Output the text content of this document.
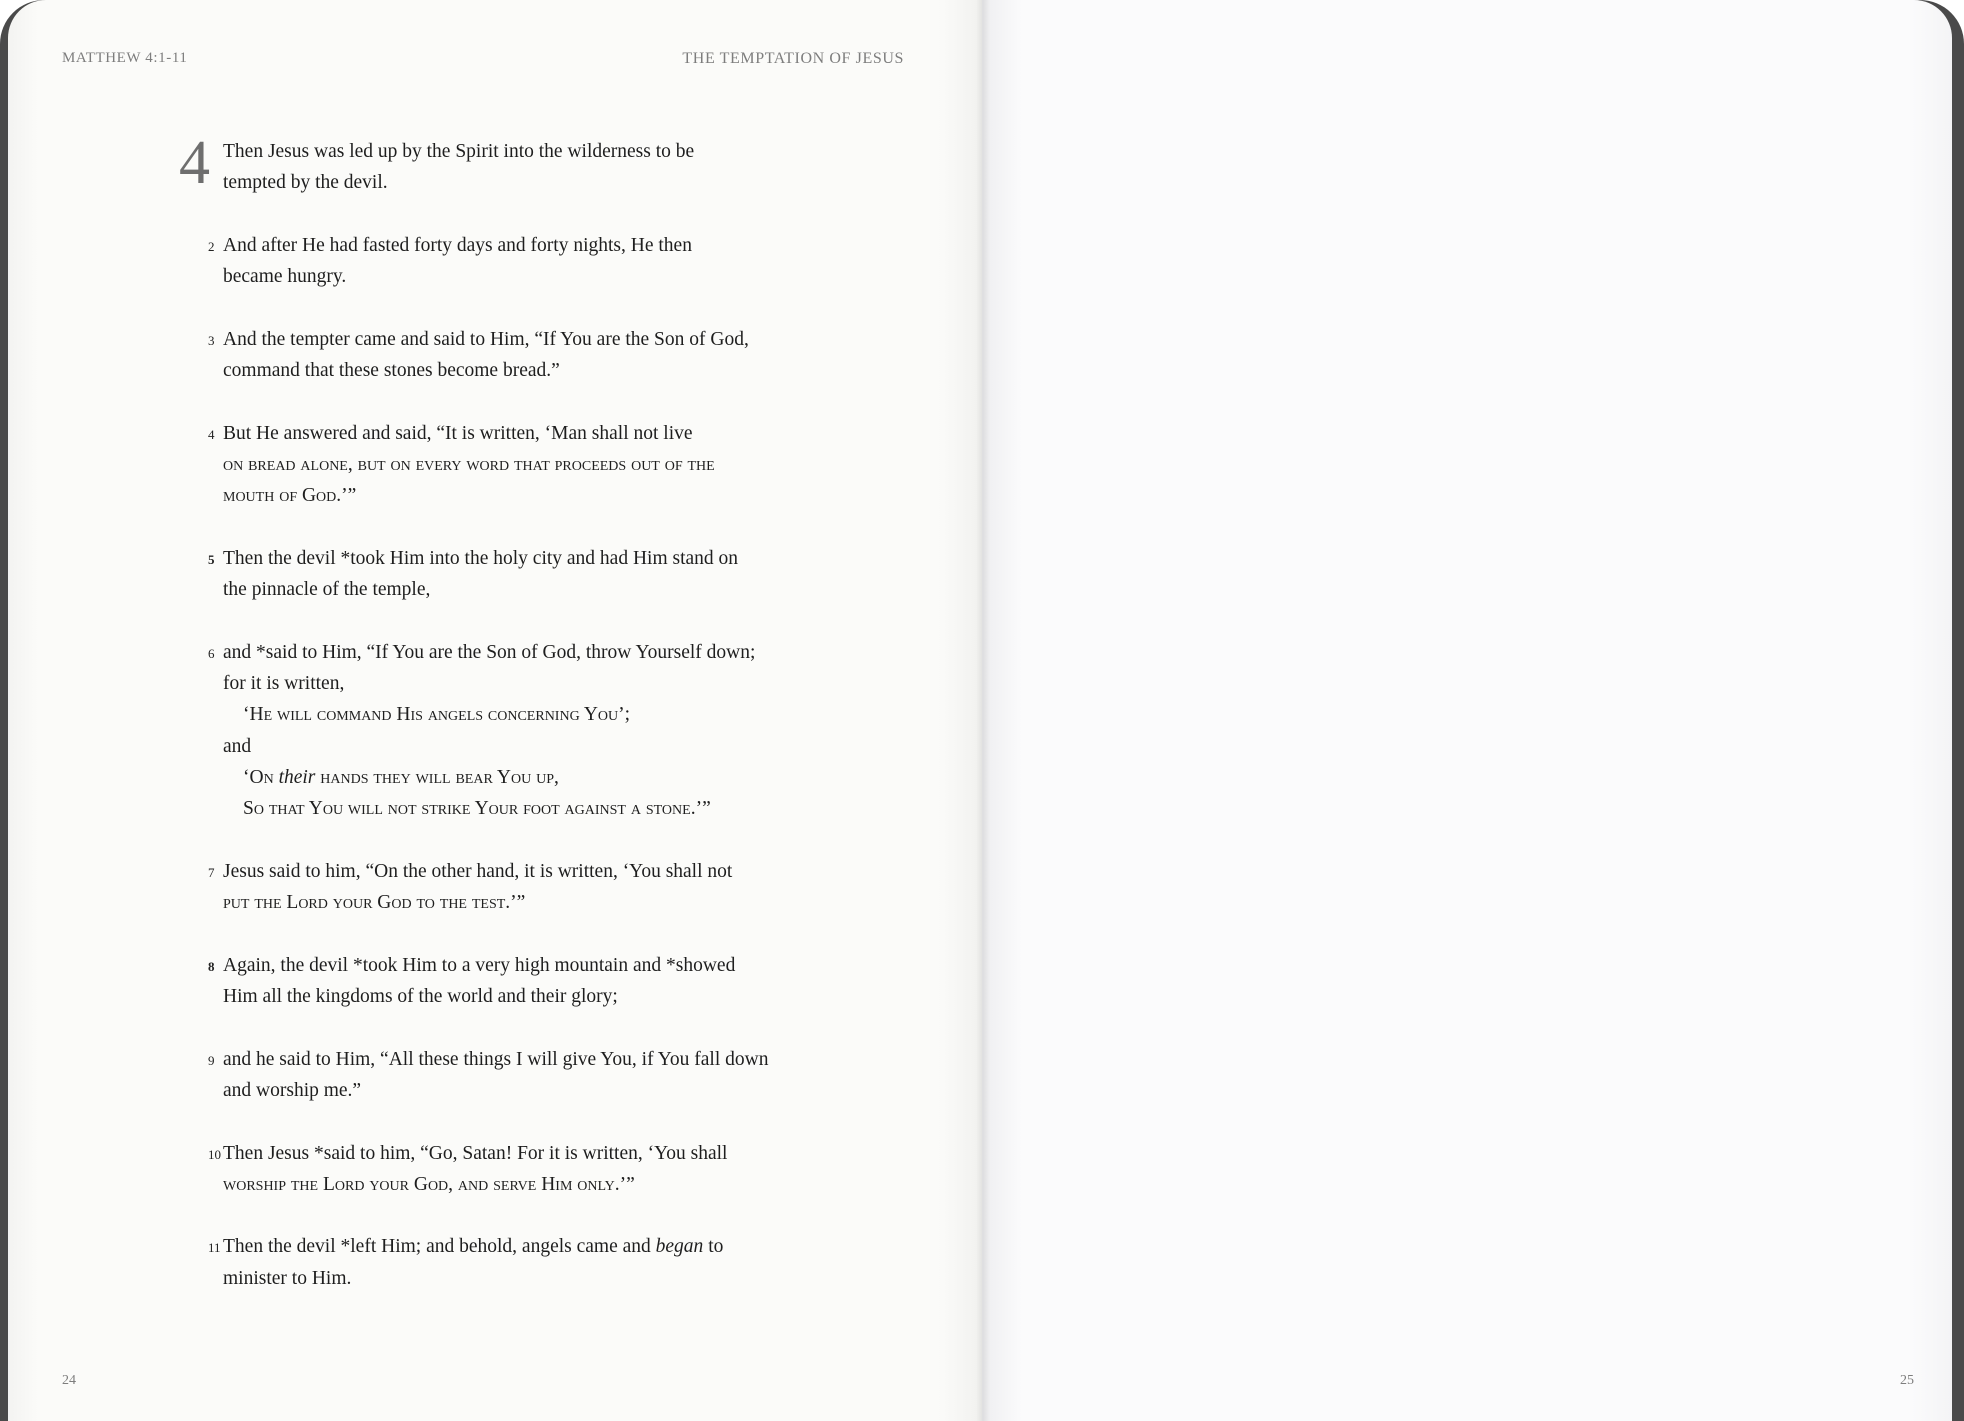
MATTHEW 4:1-11	THE TEMPTATION OF JESUS
4 Then Jesus was led up by the Spirit into the wilderness to be
tempted by the devil.
2 And after He had fasted forty days and forty nights, He then
became hungry.
3 And the tempter came and said to Him, “If You are the Son of God,
command that these stones become bread.”
4 But He answered and said, “It is written, ‘Man shall not live
on bread alone, but on every word that proceeds out of the
mouth of God.’”
5 Then the devil *took Him into the holy city and had Him stand on
the pinnacle of the temple,
6 and *said to Him, “If You are the Son of God, throw Yourself down;
for it is written,
‘He will command His angels concerning You’;
and
‘On their hands they will bear You up,
So that You will not strike Your foot against a stone.’”
7 Jesus said to him, “On the other hand, it is written, ‘You shall not
put the Lord your God to the test.’”
8 Again, the devil *took Him to a very high mountain and *showed
Him all the kingdoms of the world and their glory;
9 and he said to Him, “All these things I will give You, if You fall down
and worship me.”
10 Then Jesus *said to him, “Go, Satan! For it is written, ‘You shall
worship the Lord your God, and serve Him only.’”
11 Then the devil *left Him; and behold, angels came and began to
minister to Him.
24	25
